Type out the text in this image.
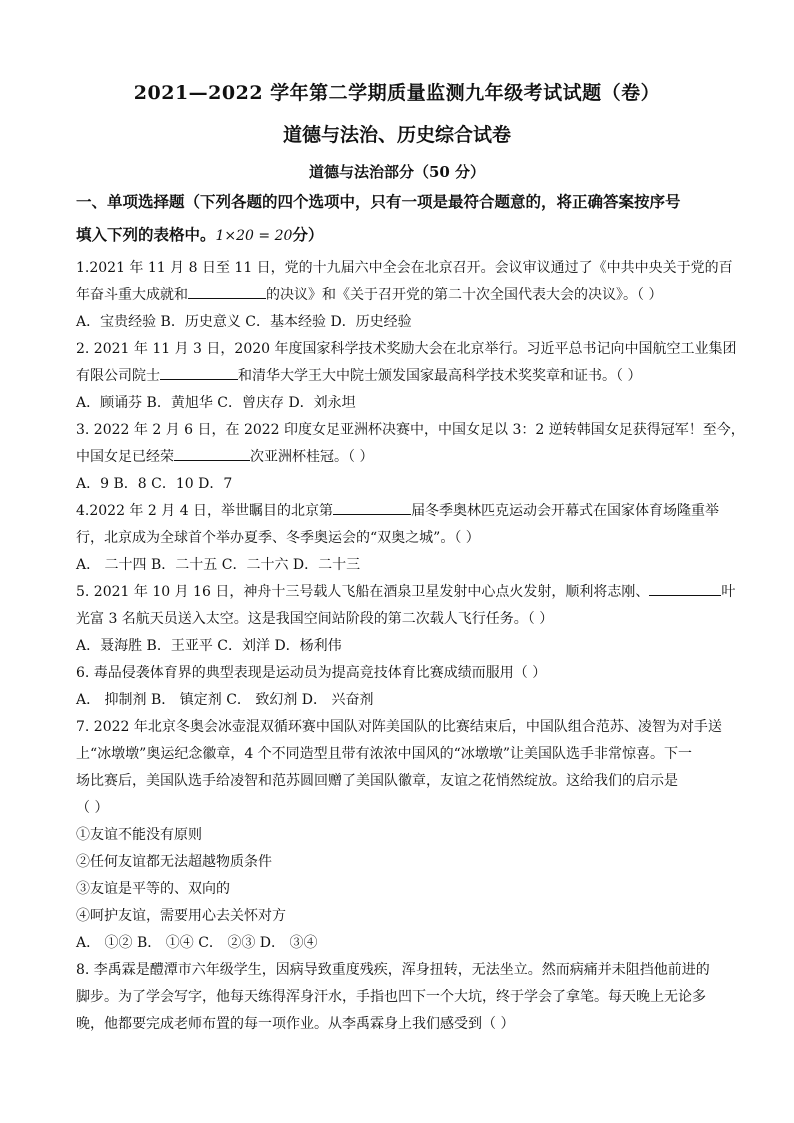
2021—2022 学年第二学期质量监测九年级考试试题（卷）
道德与法治、历史综合试卷
道德与法治部分（50 分）
一、单项选择题（下列各题的四个选项中，只有一项是最符合题意的，将正确答案按序号
填入下列的表格中。1×20 = 20分）
1.2021 年 11 月 8 日至 11 日，党的十九届六中全会在北京召开。会议审议通过了《中共中央关于党的百
年奋斗重大成就和	的决议》和《关于召开党的第二十次全国代表大会的决议》。（ ）
A．宝贵经验 B．历史意义 C．基本经验 D．历史经验
2. 2021 年 11 月 3 日，2020 年度国家科学技术奖励大会在北京举行。习近平总书记向中国航空工业集团
有限公司院士	和清华大学王大中院士颁发国家最高科学技术奖奖章和证书。（ ）
A．顾诵芬 B．黄旭华 C．曾庆存 D．刘永坦
3. 2022 年 2 月 6 日，在 2022 印度女足亚洲杯决赛中，中国女足以 3：2 逆转韩国女足获得冠军！至今，
中国女足已经荣	次亚洲杯桂冠。（ ）
A．9 B．8 C．10 D．7
4.2022 年 2 月 4 日，举世瞩目的北京第	届冬季奥林匹克运动会开幕式在国家体育场隆重举
行，北京成为全球首个举办夏季、冬季奥运会的“双奥之城”。（ ）
A． 二十四 B．二十五 C．二十六 D．二十三
5. 2021 年 10 月 16 日，神舟十三号载人飞船在酒泉卫星发射中心点火发射，顺利将志刚、	叶
光富 3 名航天员送入太空。这是我国空间站阶段的第二次载人飞行任务。（ ）
A．聂海胜 B．王亚平 C．刘洋 D．杨利伟
6. 毒品侵袭体育界的典型表现是运动员为提高竞技体育比赛成绩而服用（ ）
A． 抑制剂 B． 镇定剂 C． 致幻剂 D． 兴奋剂
7. 2022 年北京冬奥会冰壶混双循环赛中国队对阵美国队的比赛结束后，中国队组合范苏、凌智为对手送
上“冰墩墩”奥运纪念徽章，4 个不同造型且带有浓浓中国风的“冰墩墩”让美国队选手非常惊喜。下一
场比赛后，美国队选手给凌智和范苏圆回赠了美国队徽章，友谊之花悄然绽放。这给我们的启示是
（ ）
①友谊不能没有原则
②任何友谊都无法超越物质条件
③友谊是平等的、双向的
④呵护友谊，需要用心去关怀对方
A． ①② B． ①④ C． ②③ D． ③④
8. 李禹霖是醴潭市六年级学生，因病导致重度残疾，浑身扭转，无法坐立。然而病痛并未阻挡他前进的
脚步。为了学会写字，他每天练得浑身汗水，手指也凹下一个大坑，终于学会了拿笔。每天晚上无论多
晚，他都要完成老师布置的每一项作业。从李禹霖身上我们感受到（ ）
